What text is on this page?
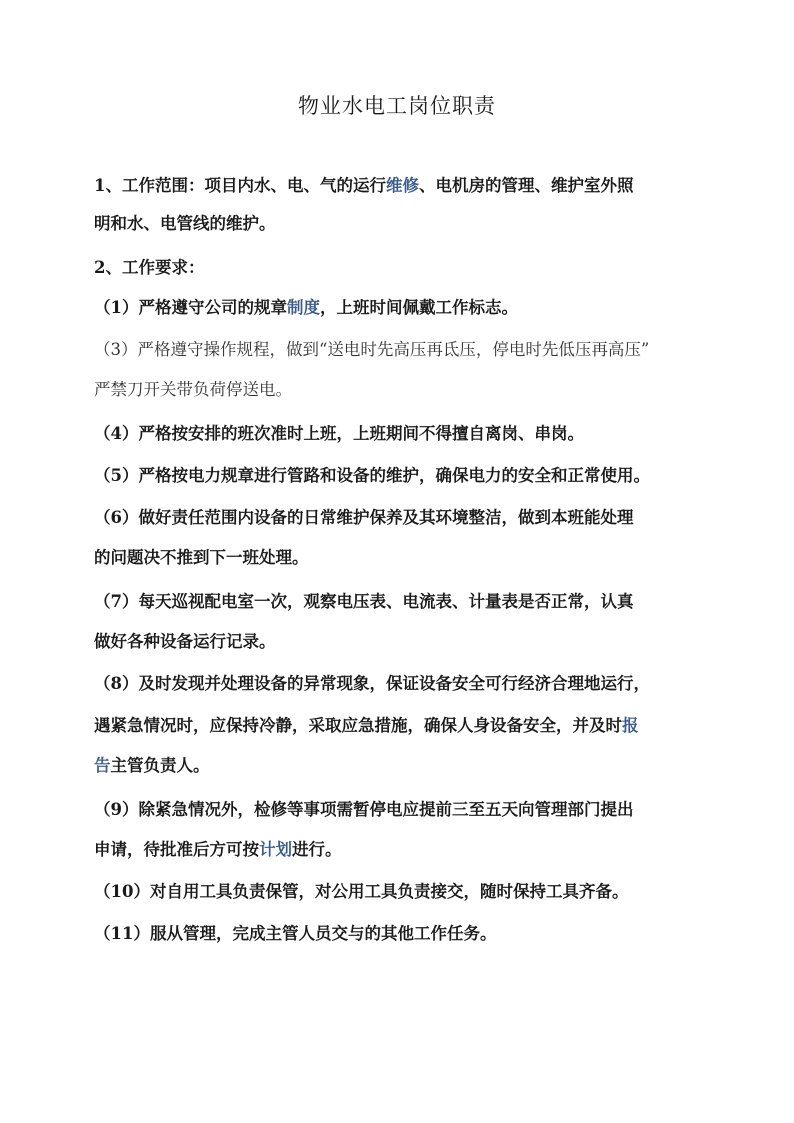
物业水电工岗位职责
1、工作范围：项目内水、电、气的运行维修、电机房的管理、维护室外照
明和水、电管线的维护。
2、工作要求：
（1）严格遵守公司的规章制度，上班时间佩戴工作标志。
（3）严格遵守操作规程，做到“送电时先高压再氐压，停电时先低压再高压”
严禁刀开关带负荷停送电。
（4）严格按安排的班次准时上班，上班期间不得擅自离岗、串岗。
（5）严格按电力规章进行管路和设备的维护，确保电力的安全和正常使用。
（6）做好责任范围内设备的日常维护保养及其环境整洁，做到本班能处理
的问题决不推到下一班处理。
（7）每天巡视配电室一次，观察电压表、电流表、计量表是否正常，认真
做好各种设备运行记录。
（8）及时发现并处理设备的异常现象，保证设备安全可行经济合理地运行，
遇紧急情况时，应保持冷静，采取应急措施，确保人身设备安全，并及时报
告主管负责人。
（9）除紧急情况外，检修等事项需暂停电应提前三至五天向管理部门提出
申请，待批准后方可按计划进行。
（10）对自用工具负责保管，对公用工具负责接交，随时保持工具齐备。
（11）服从管理，完成主管人员交与的其他工作任务。
